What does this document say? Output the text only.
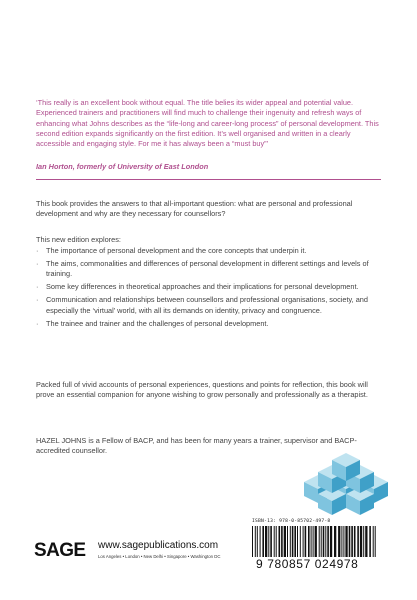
‘This really is an excellent book without equal. The title belies its wider appeal and potential value. Experienced trainers and practitioners will find much to challenge their ingenuity and refresh ways of enhancing what Johns describes as the “life-long and career-long process” of personal development. This second edition expands significantly on the first edition. It’s well organised and written in a clearly accessible and engaging style. For me it has always been a “must buy”’

Ian Horton, formerly of University of East London

This book provides the answers to that all-important question: what are personal and professional development and why are they necessary for counsellors?

This new edition explores:

· The importance of personal development and the core concepts that underpin it.
· The aims, commonalities and differences of personal development in different settings and levels of training.
· Some key differences in theoretical approaches and their implications for personal development.
· Communication and relationships between counsellors and professional organisations, society, and especially the ‘virtual’ world, with all its demands on identity, privacy and congruence.
· The trainee and trainer and the challenges of personal development.

Packed full of vivid accounts of personal experiences, questions and points for reflection, this book will prove an essential companion for anyone wishing to grow personally and professionally as a therapist.

HAZEL JOHNS is a Fellow of BACP, and has been for many years a trainer, supervisor and BACP-accredited counsellor.

ISBN-13: 978-0-85702-497-8
9 780857 024978
SAGE www.sagepublications.com
Los Angeles • London • New Delhi • Singapore • Washington DC
